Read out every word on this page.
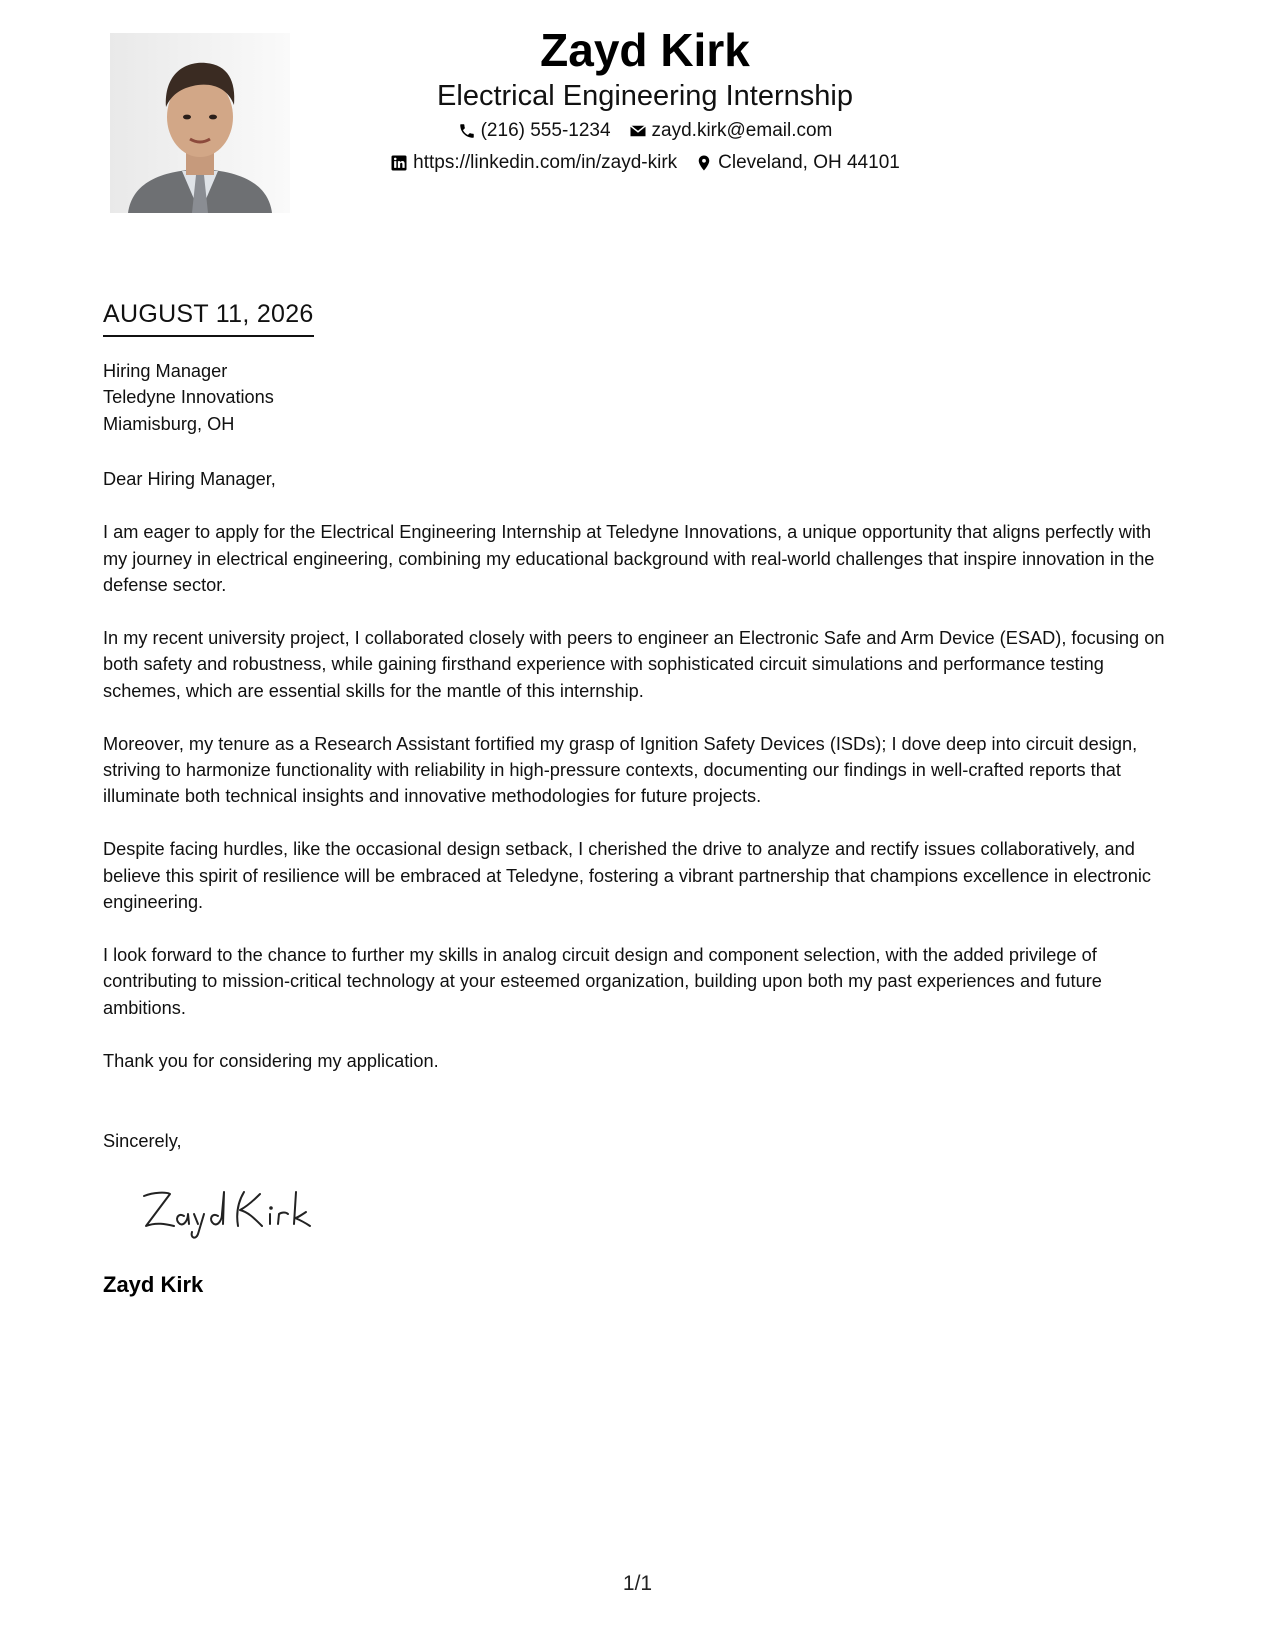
Zayd Kirk
Electrical Engineering Internship
(216) 555-1234 zayd.kirk@email.com
https://linkedin.com/in/zayd-kirk Cleveland, OH 44101
AUGUST 11, 2026
Hiring Manager
Teledyne Innovations
Miamisburg, OH
Dear Hiring Manager,

I am eager to apply for the Electrical Engineering Internship at Teledyne Innovations, a unique opportunity that aligns perfectly with my journey in electrical engineering, combining my educational background with real-world challenges that inspire innovation in the defense sector.

In my recent university project, I collaborated closely with peers to engineer an Electronic Safe and Arm Device (ESAD), focusing on both safety and robustness, while gaining firsthand experience with sophisticated circuit simulations and performance testing schemes, which are essential skills for the mantle of this internship.

Moreover, my tenure as a Research Assistant fortified my grasp of Ignition Safety Devices (ISDs); I dove deep into circuit design, striving to harmonize functionality with reliability in high-pressure contexts, documenting our findings in well-crafted reports that illuminate both technical insights and innovative methodologies for future projects.

Despite facing hurdles, like the occasional design setback, I cherished the drive to analyze and rectify issues collaboratively, and believe this spirit of resilience will be embraced at Teledyne, fostering a vibrant partnership that champions excellence in electronic engineering.

I look forward to the chance to further my skills in analog circuit design and component selection, with the added privilege of contributing to mission-critical technology at your esteemed organization, building upon both my past experiences and future ambitions.

Thank you for considering my application.

Sincerely,
Zayd Kirk
1/1
